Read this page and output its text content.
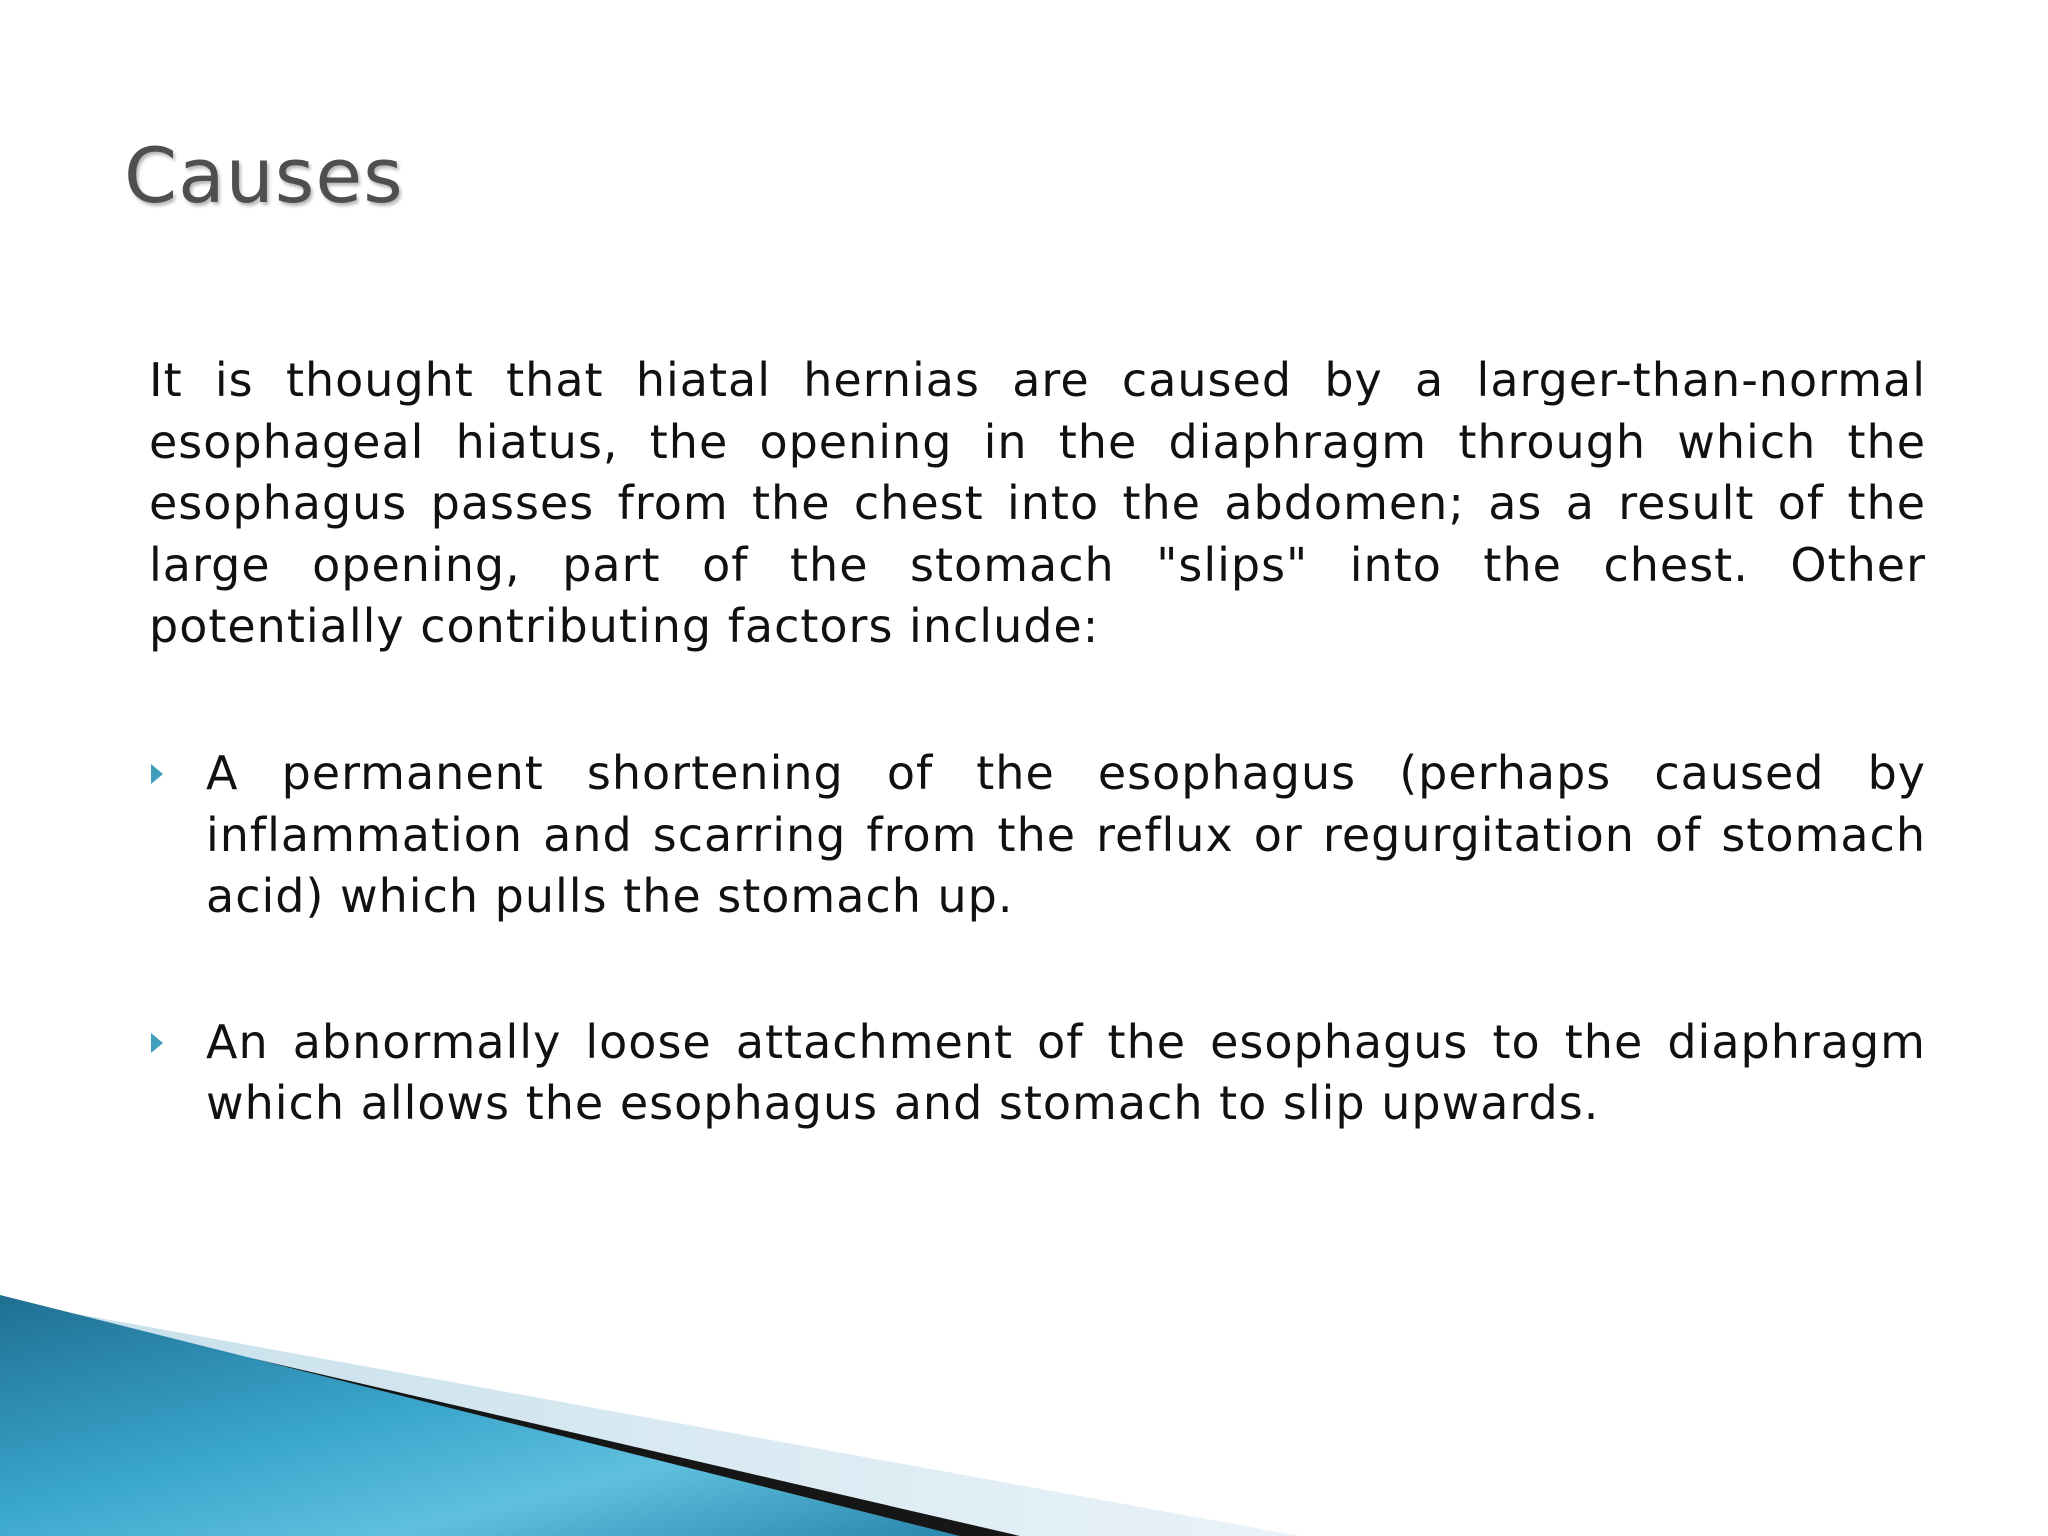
Causes

It is thought that hiatal hernias are caused by a larger-than-normal esophageal hiatus, the opening in the diaphragm through which the esophagus passes from the chest into the abdomen; as a result of the large opening, part of the stomach "slips" into the chest. Other potentially contributing factors include:

A permanent shortening of the esophagus (perhaps caused by inflammation and scarring from the reflux or regurgitation of stomach acid) which pulls the stomach up.
An abnormally loose attachment of the esophagus to the diaphragm which allows the esophagus and stomach to slip upwards.
